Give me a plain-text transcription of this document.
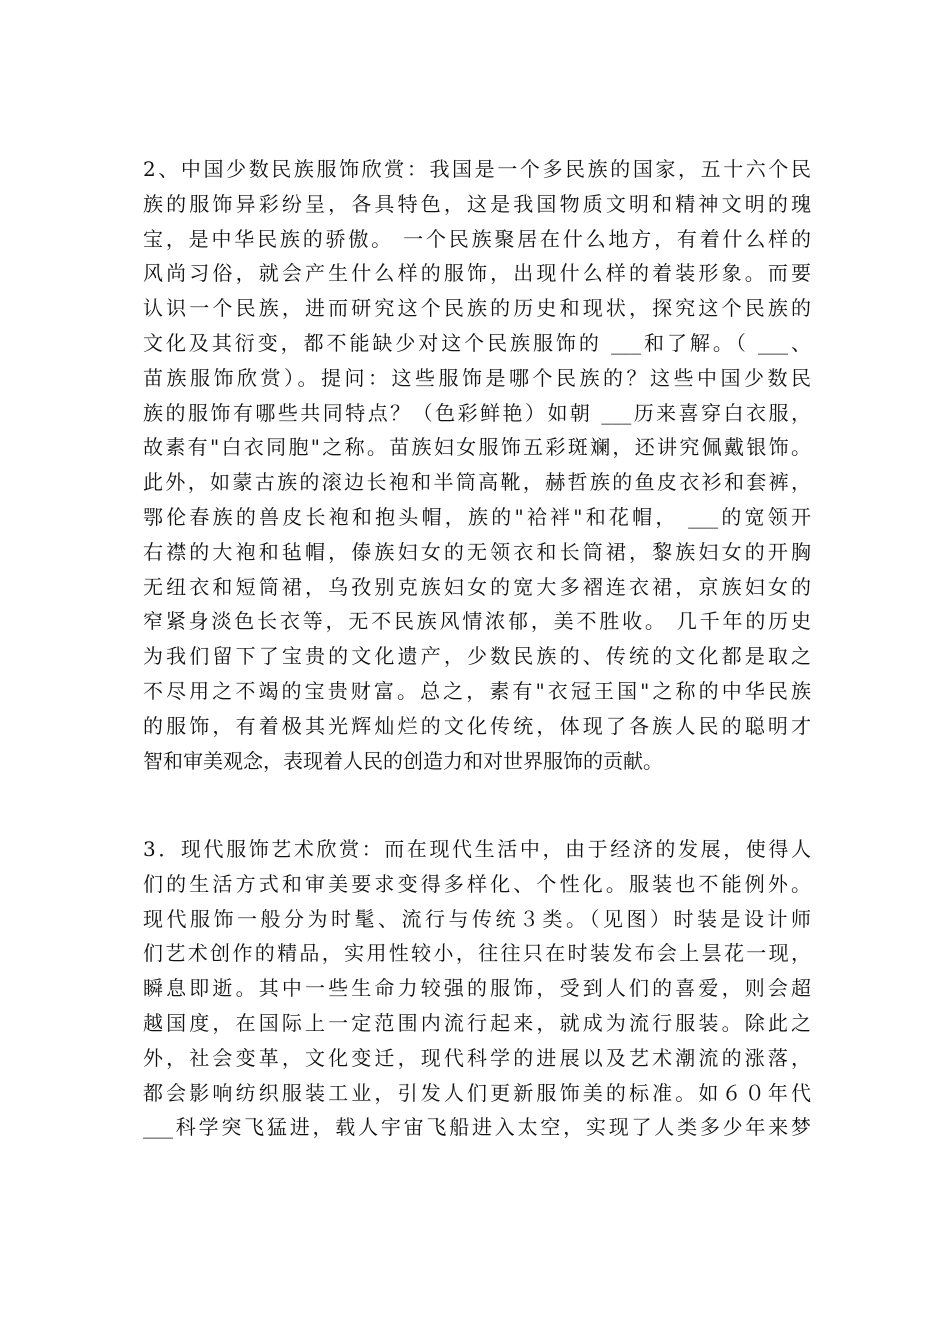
2、中国少数民族服饰欣赏：我国是一个多民族的国家，五十六个民
族的服饰异彩纷呈，各具特色，这是我国物质文明和精神文明的瑰
宝，是中华民族的骄傲。 一个民族聚居在什么地方，有着什么样的
风尚习俗，就会产生什么样的服饰，出现什么样的着装形象。而要
认识一个民族，进而研究这个民族的历史和现状，探究这个民族的
文化及其衍变，都不能缺少对这个民族服饰的 ___和了解。（ ___、
苗族服饰欣赏）。提问：这些服饰是哪个民族的？这些中国少数民
族的服饰有哪些共同特点？（色彩鲜艳）如朝 ___历来喜穿白衣服，
故素有"白衣同胞"之称。苗族妇女服饰五彩斑斓，还讲究佩戴银饰。
此外，如蒙古族的滚边长袍和半筒高靴，赫哲族的鱼皮衣衫和套裤，
鄂伦春族的兽皮长袍和抱头帽，族的"袷袢"和花帽， ___的宽领开
右襟的大袍和毡帽，傣族妇女的无领衣和长筒裙，黎族妇女的开胸
无纽衣和短筒裙，乌孜别克族妇女的宽大多褶连衣裙，京族妇女的
窄紧身淡色长衣等，无不民族风情浓郁，美不胜收。 几千年的历史
为我们留下了宝贵的文化遗产，少数民族的、传统的文化都是取之
不尽用之不竭的宝贵财富。总之，素有"衣冠王国"之称的中华民族
的服饰，有着极其光辉灿烂的文化传统，体现了各族人民的聪明才
智和审美观念，表现着人民的创造力和对世界服饰的贡献。

3．现代服饰艺术欣赏：而在现代生活中，由于经济的发展，使得人
们的生活方式和审美要求变得多样化、个性化。服装也不能例外。
现代服饰一般分为时髦、流行与传统３类。（见图）时装是设计师
们艺术创作的精品，实用性较小，往往只在时装发布会上昙花一现，
瞬息即逝。其中一些生命力较强的服饰，受到人们的喜爱，则会超
越国度，在国际上一定范围内流行起来，就成为流行服装。除此之
外，社会变革，文化变迁，现代科学的进展以及艺术潮流的涨落，
都会影响纺织服装工业，引发人们更新服饰美的标准。如６０年代
___科学突飞猛进，载人宇宙飞船进入太空，实现了人类多少年来梦
